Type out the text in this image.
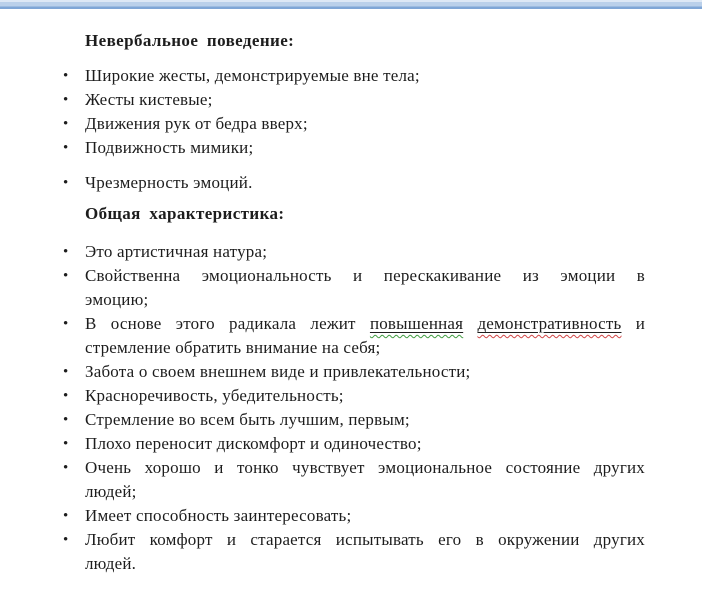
Невербальное поведение:
• Широкие жесты, демонстрируемые вне тела;
• Жесты кистевые;
• Движения рук от бедра вверх;
• Подвижность мимики;
• Чрезмерность эмоций.
Общая характеристика:
• Это артистичная натура;
• Свойственна эмоциональность и перескакивание из эмоции в
эмоцию;
• В основе этого радикала лежит повышенная демонстративность и
стремление обратить внимание на себя;
• Забота о своем внешнем виде и привлекательности;
• Красноречивость, убедительность;
• Стремление во всем быть лучшим, первым;
• Плохо переносит дискомфорт и одиночество;
• Очень хорошо и тонко чувствует эмоциональное состояние других
людей;
• Имеет способность заинтересовать;
• Любит комфорт и старается испытывать его в окружении других
людей.
